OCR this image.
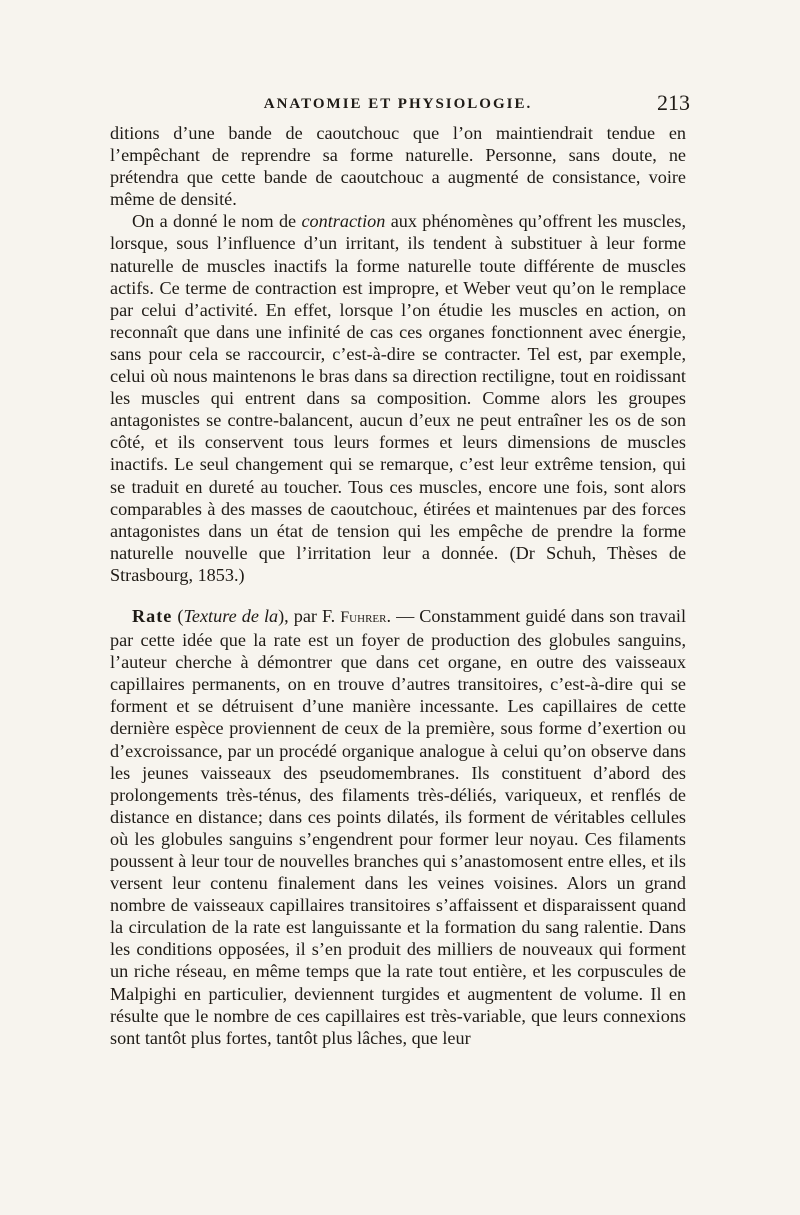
ANATOMIE ET PHYSIOLOGIE.	213

ditions d’une bande de caoutchouc que l’on maintiendrait tendue en l’empêchant de reprendre sa forme naturelle. Personne, sans doute, ne prétendra que cette bande de caoutchouc a augmenté de consistance, voire même de densité.

On a donné le nom de contraction aux phénomènes qu’offrent les muscles, lorsque, sous l’influence d’un irritant, ils tendent à substituer à leur forme naturelle de muscles inactifs la forme naturelle toute différente de muscles actifs. Ce terme de contraction est impropre, et Weber veut qu’on le remplace par celui d’activité. En effet, lorsque l’on étudie les muscles en action, on reconnaît que dans une infinité de cas ces organes fonctionnent avec énergie, sans pour cela se raccourcir, c’est-à-dire se contracter. Tel est, par exemple, celui où nous maintenons le bras dans sa direction rectiligne, tout en roidissant les muscles qui entrent dans sa composition. Comme alors les groupes antagonistes se contre-balancent, aucun d’eux ne peut entraîner les os de son côté, et ils conservent tous leurs formes et leurs dimensions de muscles inactifs. Le seul changement qui se remarque, c’est leur extrême tension, qui se traduit en dureté au toucher. Tous ces muscles, encore une fois, sont alors comparables à des masses de caoutchouc, étirées et maintenues par des forces antagonistes dans un état de tension qui les empêche de prendre la forme naturelle nouvelle que l’irritation leur a donnée. (Dr Schuh, Thèses de Strasbourg, 1853.)

Rate (Texture de la), par F. Fuhrer. — Constamment guidé dans son travail par cette idée que la rate est un foyer de production des globules sanguins, l’auteur cherche à démontrer que dans cet organe, en outre des vaisseaux capillaires permanents, on en trouve d’autres transitoires, c’est-à-dire qui se forment et se détruisent d’une manière incessante. Les capillaires de cette dernière espèce proviennent de ceux de la première, sous forme d’exertion ou d’excroissance, par un procédé organique analogue à celui qu’on observe dans les jeunes vaisseaux des pseudomembranes. Ils constituent d’abord des prolongements très-ténus, des filaments très-déliés, variqueux, et renflés de distance en distance; dans ces points dilatés, ils forment de véritables cellules où les globules sanguins s’engendrent pour former leur noyau. Ces filaments poussent à leur tour de nouvelles branches qui s’anastomosent entre elles, et ils versent leur contenu finalement dans les veines voisines. Alors un grand nombre de vaisseaux capillaires transitoires s’affaissent et disparaissent quand la circulation de la rate est languissante et la formation du sang ralentie. Dans les conditions opposées, il s’en produit des milliers de nouveaux qui forment un riche réseau, en même temps que la rate tout entière, et les corpuscules de Malpighi en particulier, deviennent turgides et augmentent de volume. Il en résulte que le nombre de ces capillaires est très-variable, que leurs connexions sont tantôt plus fortes, tantôt plus lâches, que leur
